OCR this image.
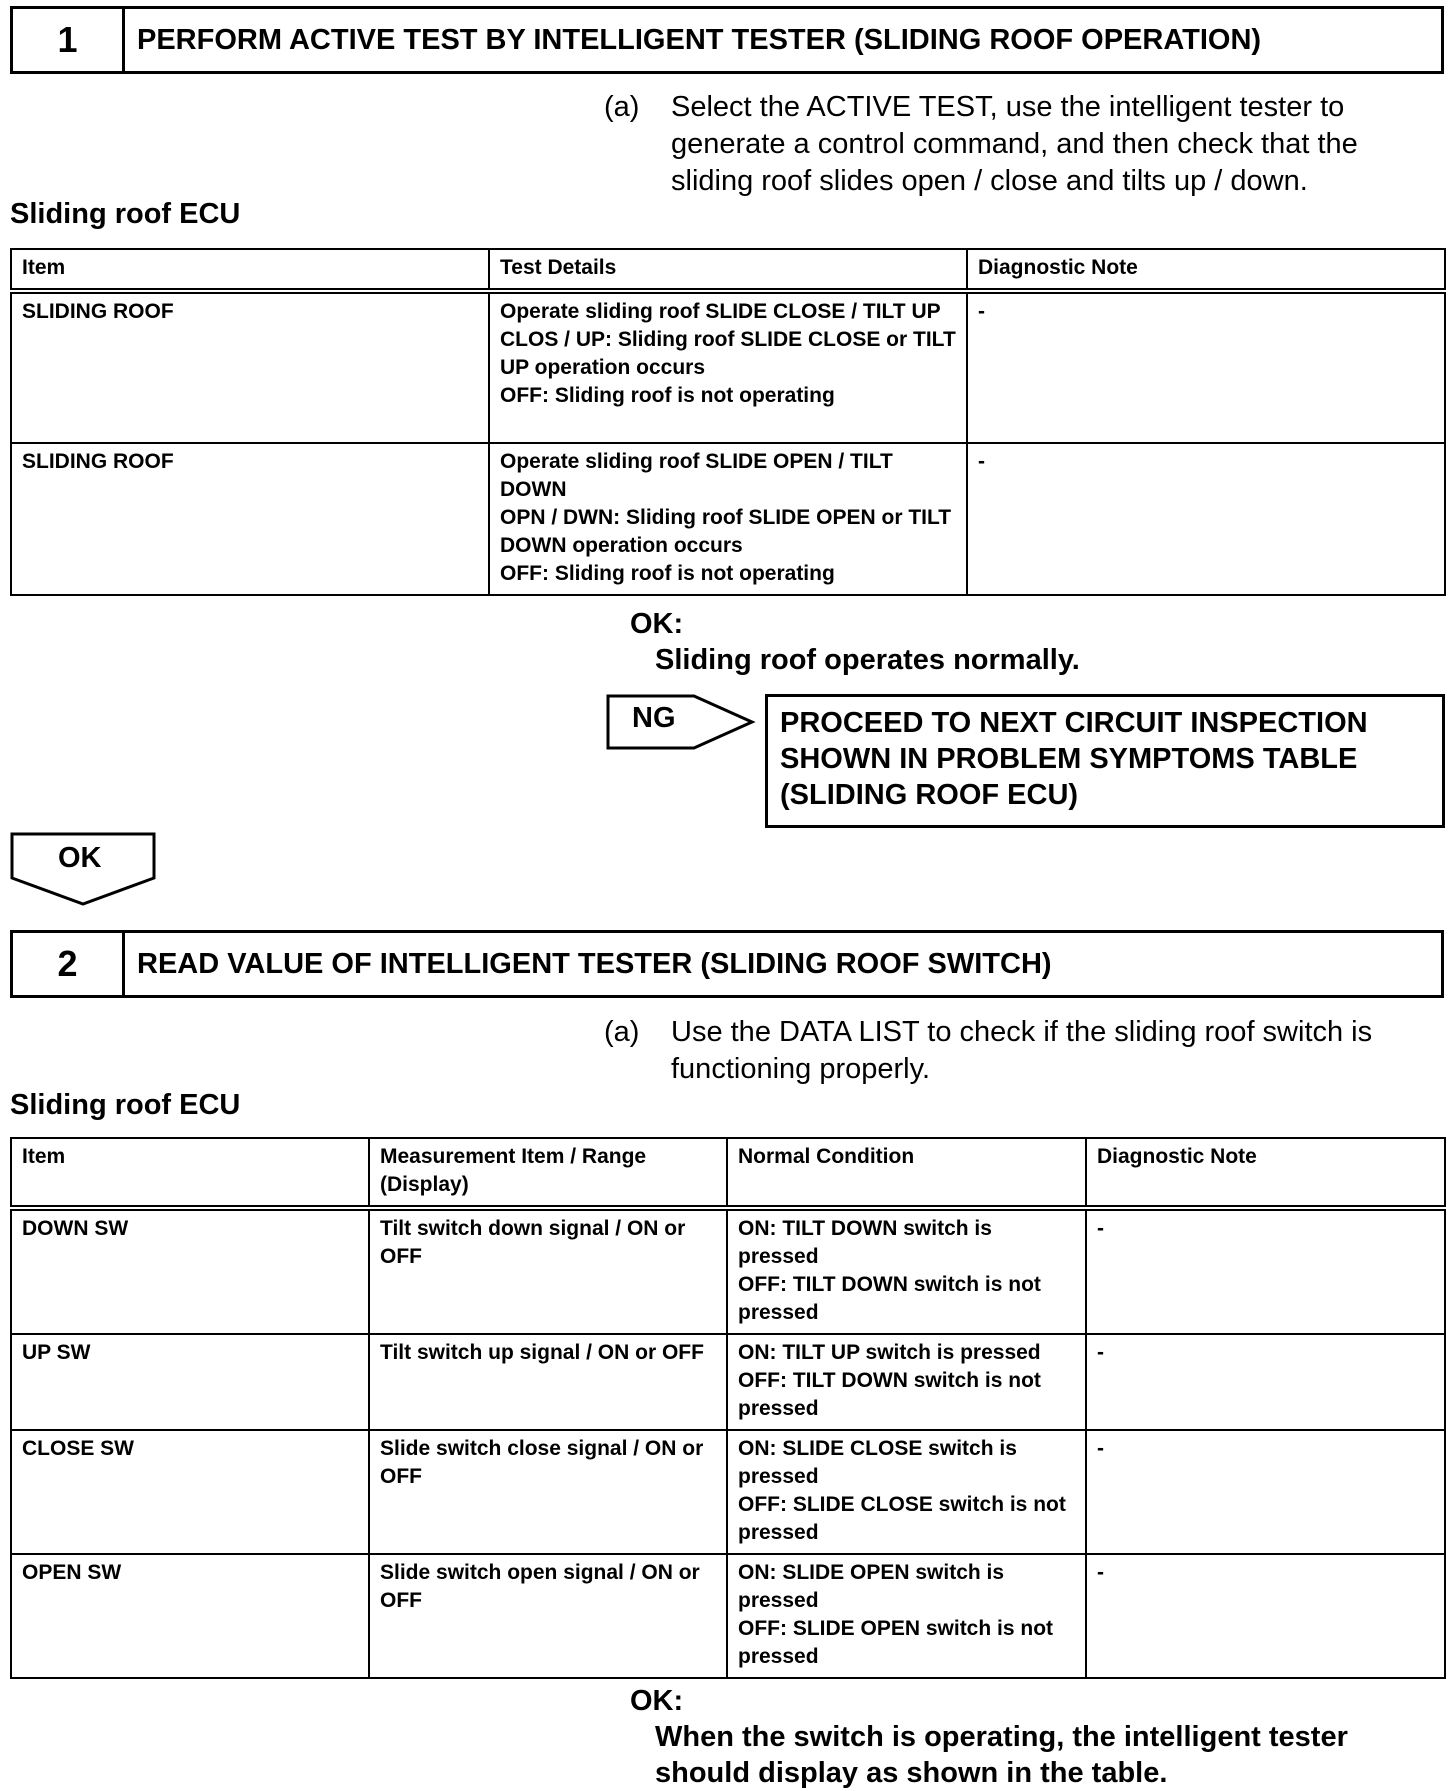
1	PERFORM ACTIVE TEST BY INTELLIGENT TESTER (SLIDING ROOF OPERATION)
(a)	Select the ACTIVE TEST, use the intelligent tester to generate a control command, and then check that the sliding roof slides open / close and tilts up / down.
Sliding roof ECU
Item	Test Details	Diagnostic Note
SLIDING ROOF	Operate sliding roof SLIDE CLOSE / TILT UP
CLOS / UP: Sliding roof SLIDE CLOSE or TILT UP operation occurs
OFF: Sliding roof is not operating	-
SLIDING ROOF	Operate sliding roof SLIDE OPEN / TILT DOWN
OPN / DWN: Sliding roof SLIDE OPEN or TILT DOWN operation occurs
OFF: Sliding roof is not operating	-
OK:
Sliding roof operates normally.
NG	PROCEED TO NEXT CIRCUIT INSPECTION
SHOWN IN PROBLEM SYMPTOMS TABLE
(SLIDING ROOF ECU)
OK
2	READ VALUE OF INTELLIGENT TESTER (SLIDING ROOF SWITCH)
(a)	Use the DATA LIST to check if the sliding roof switch is functioning properly.
Sliding roof ECU
Item	Measurement Item / Range (Display)	Normal Condition	Diagnostic Note
DOWN SW	Tilt switch down signal / ON or OFF	ON: TILT DOWN switch is pressed
OFF: TILT DOWN switch is not pressed	-
UP SW	Tilt switch up signal / ON or OFF	ON: TILT UP switch is pressed
OFF: TILT DOWN switch is not pressed	-
CLOSE SW	Slide switch close signal / ON or OFF	ON: SLIDE CLOSE switch is pressed
OFF: SLIDE CLOSE switch is not pressed	-
OPEN SW	Slide switch open signal / ON or OFF	ON: SLIDE OPEN switch is pressed
OFF: SLIDE OPEN switch is not pressed	-
OK:
When the switch is operating, the intelligent tester
should display as shown in the table.
